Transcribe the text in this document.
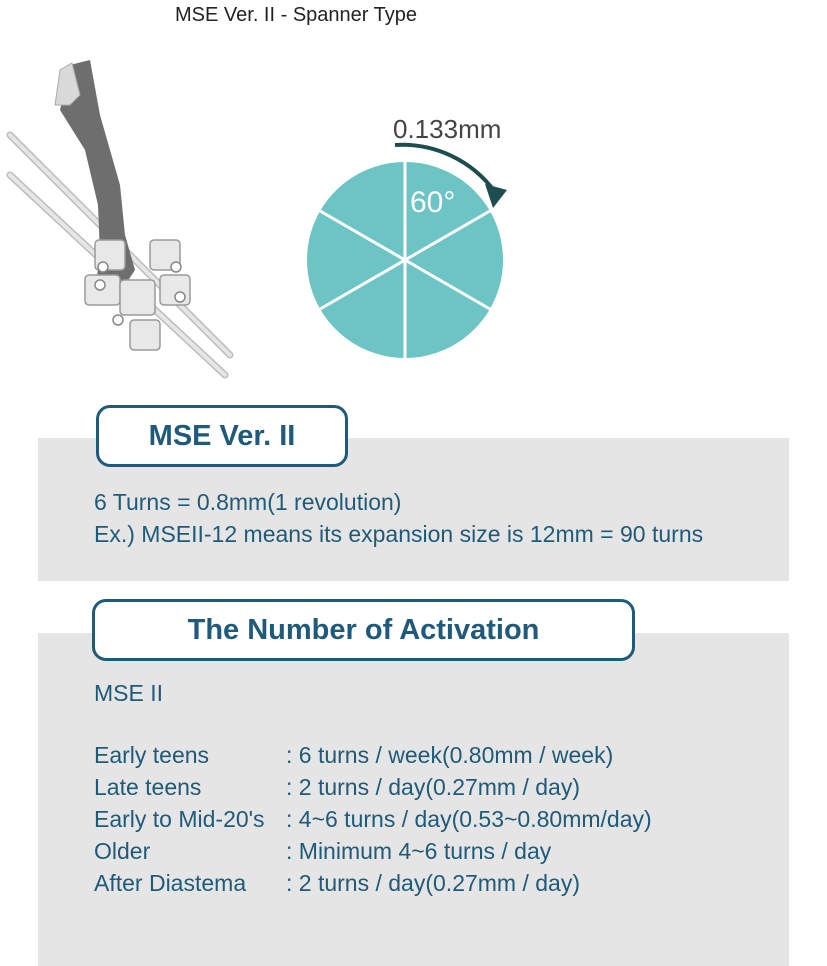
MSE Ver. II - Spanner Type
0.133mm
60°
MSE Ver. II
6 Turns = 0.8mm(1 revolution)
Ex.) MSEII-12 means its expansion size is 12mm = 90 turns
The Number of Activation
MSE II
Early teens	: 6 turns / week(0.80mm / week)
Late teens	: 2 turns / day(0.27mm / day)
Early to Mid-20's : 4~6 turns / day(0.53~0.80mm/day)
Older	: Minimum 4~6 turns / day
After Diastema	: 2 turns / day(0.27mm / day)
